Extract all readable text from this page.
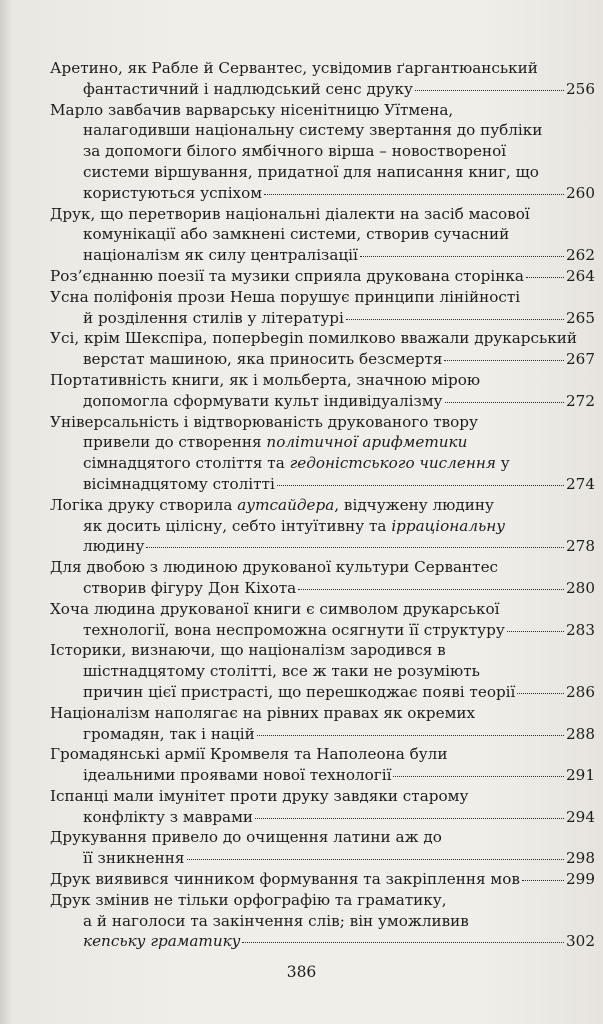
Аретино, як Рабле й Сервантес, усвідомив ґаргантюанський
фантастичний і надлюдський сенс друку	256
Марло завбачив варварську нісенітницю Уїтмена,
налагодивши національну систему звертання до публіки
за допомоги білого ямбічного вірша – новоствореної
системи віршування, придатної для написання книг, що
користуються успіхом	260
Друк, що перетворив національні діалекти на засіб масової
комунікації або замкнені системи, створив сучасний
націоналізм як силу централізації	262
Роз’єднанню поезії та музики сприяла друкована сторінка	264
Усна поліфонія прози Неша порушує принципи лінійності
й розділення стилів у літературі	265
Усі, крім Шекспіра, поперbegin помилково вважали друкарський
верстат машиною, яка приносить безсмертя	267
Портативність книги, як і мольберта, значною мірою
допомогла сформувати культ індивідуалізму	272
Універсальність і відтворюваність друкованого твору
привели до створення політичної арифметики
сімнадцятого століття та гедоністського числення у
вісімнадцятому столітті	274
Логіка друку створила аутсайдера, відчужену людину
як досить цілісну, себто інтуїтивну та ірраціональну
людину	278
Для двобою з людиною друкованої культури Сервантес
створив фігуру Дон Кіхота	280
Хоча людина друкованої книги є символом друкарської
технології, вона неспроможна осягнути її структуру	283
Історики, визнаючи, що націоналізм зародився в
шістнадцятому столітті, все ж таки не розуміють
причин цієї пристрасті, що перешкоджає появі теорії	286
Націоналізм наполягає на рівних правах як окремих
громадян, так і націй	288
Громадянські армії Кромвеля та Наполеона були
ідеальними проявами нової технології	291
Іспанці мали імунітет проти друку завдяки старому
конфлікту з маврами	294
Друкування привело до очищення латини аж до
її зникнення	298
Друк виявився чинником формування та закріплення мов	299
Друк змінив не тільки орфографію та граматику,
а й наголоси та закінчення слів; він уможливив
кепську граматику	302
386
